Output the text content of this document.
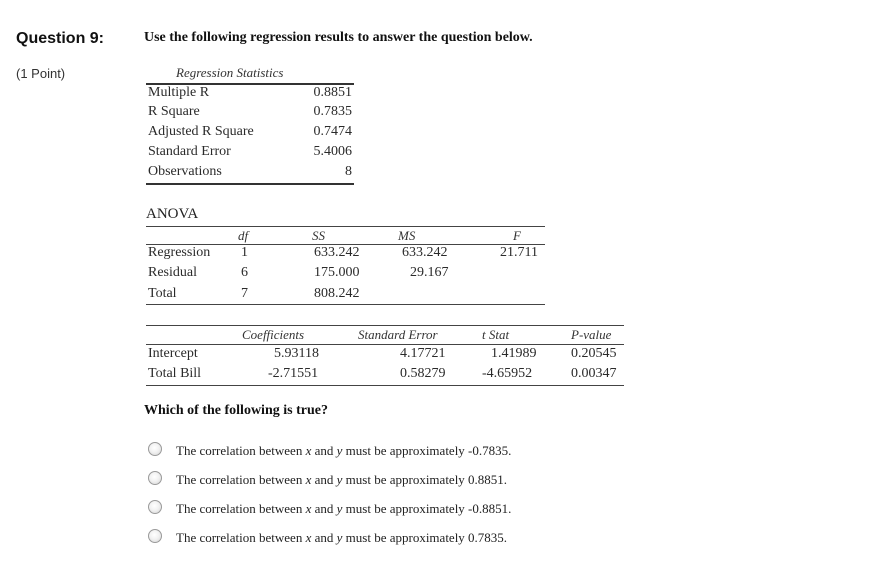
Question 9:
(1 Point)
Use the following regression results to answer the question below.
Regression Statistics
Multiple R	0.8851
R Square	0.7835
Adjusted R Square	0.7474
Standard Error	5.4006
Observations	8
ANOVA
df	SS	MS	F
Regression 1	633.242	633.242	21.711
Residual	6	175.000	29.167
Total	7	808.242
Coefficients	Standard Error	t Stat	P-value
Intercept	5.93118	4.17721	1.41989 0.20545
Total Bill	-2.71551	0.58279	-4.65952	0.00347
Which of the following is true?
The correlation between x and y must be approximately -0.7835.
The correlation between x and y must be approximately 0.8851.
The correlation between x and y must be approximately -0.8851.
The correlation between x and y must be approximately 0.7835.
